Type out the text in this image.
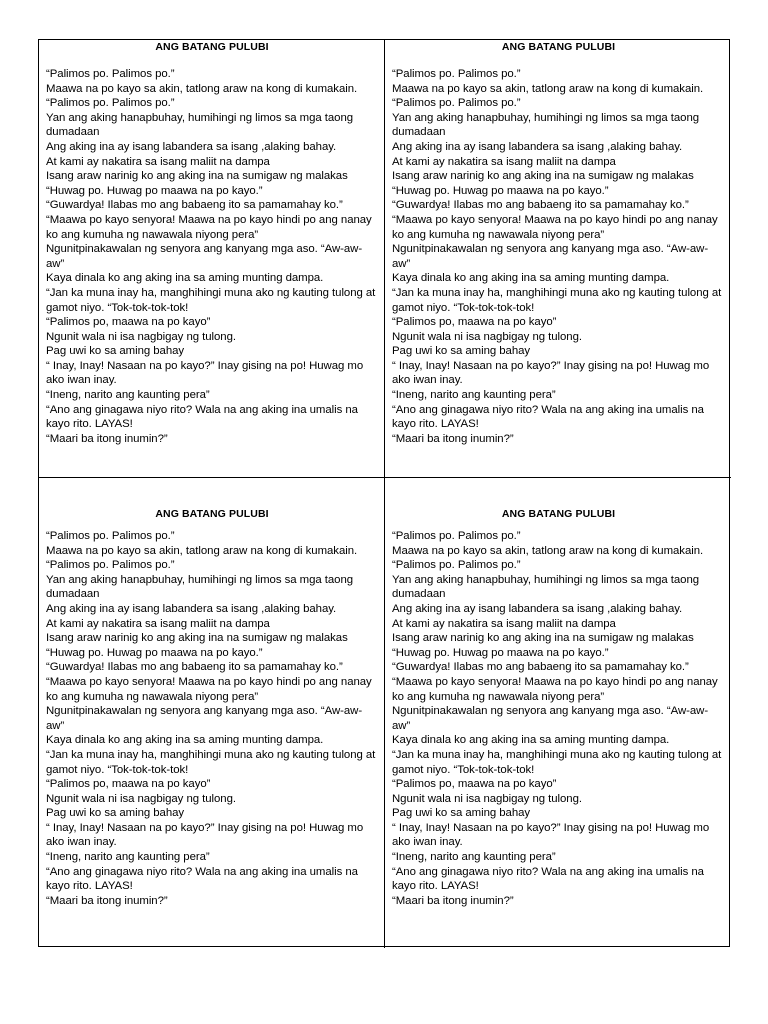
ANG BATANG PULUBI
“Palimos po. Palimos po.”
Maawa na po kayo sa akin, tatlong araw na kong di kumakain.
“Palimos po. Palimos po.”
Yan ang aking hanapbuhay, humihingi ng limos sa mga taong dumadaan
Ang aking ina ay isang labandera sa isang ,alaking bahay.
At kami ay nakatira sa isang maliit na dampa
Isang araw narinig ko ang aking ina na sumigaw ng malakas
“Huwag po. Huwag po maawa na po kayo.”
“Guwardya! Ilabas mo ang babaeng ito sa pamamahay ko.”
“Maawa po kayo senyora! Maawa na po kayo hindi po ang nanay ko ang kumuha ng nawawala niyong pera”
Ngunitpinakawalan ng senyora ang kanyang mga aso. “Aw-aw-aw”
Kaya dinala ko ang aking ina sa aming munting dampa.
“Jan ka muna inay ha, manghihingi muna ako ng kauting tulong at gamot niyo. “Tok-tok-tok-tok!
“Palimos po, maawa na po kayo”
Ngunit wala ni isa nagbigay ng tulong.
Pag uwi ko sa aming bahay
“ Inay, Inay! Nasaan na po kayo?” Inay gising na po! Huwag mo ako iwan inay.
“Ineng, narito ang kaunting pera”
“Ano ang ginagawa niyo rito? Wala na ang aking ina umalis na kayo rito. LAYAS!
“Maari ba itong inumin?”
ANG BATANG PULUBI
“Palimos po. Palimos po.”
Maawa na po kayo sa akin, tatlong araw na kong di kumakain.
“Palimos po. Palimos po.”
Yan ang aking hanapbuhay, humihingi ng limos sa mga taong dumadaan
Ang aking ina ay isang labandera sa isang ,alaking bahay.
At kami ay nakatira sa isang maliit na dampa
Isang araw narinig ko ang aking ina na sumigaw ng malakas
“Huwag po. Huwag po maawa na po kayo.”
“Guwardya! Ilabas mo ang babaeng ito sa pamamahay ko.”
“Maawa po kayo senyora! Maawa na po kayo hindi po ang nanay ko ang kumuha ng nawawala niyong pera”
Ngunitpinakawalan ng senyora ang kanyang mga aso. “Aw-aw-aw”
Kaya dinala ko ang aking ina sa aming munting dampa.
“Jan ka muna inay ha, manghihingi muna ako ng kauting tulong at gamot niyo. “Tok-tok-tok-tok!
“Palimos po, maawa na po kayo”
Ngunit wala ni isa nagbigay ng tulong.
Pag uwi ko sa aming bahay
“ Inay, Inay! Nasaan na po kayo?” Inay gising na po! Huwag mo ako iwan inay.
“Ineng, narito ang kaunting pera”
“Ano ang ginagawa niyo rito? Wala na ang aking ina umalis na kayo rito. LAYAS!
“Maari ba itong inumin?”
ANG BATANG PULUBI
“Palimos po. Palimos po.”
Maawa na po kayo sa akin, tatlong araw na kong di kumakain.
“Palimos po. Palimos po.”
Yan ang aking hanapbuhay, humihingi ng limos sa mga taong dumadaan
Ang aking ina ay isang labandera sa isang ,alaking bahay.
At kami ay nakatira sa isang maliit na dampa
Isang araw narinig ko ang aking ina na sumigaw ng malakas
“Huwag po. Huwag po maawa na po kayo.”
“Guwardya! Ilabas mo ang babaeng ito sa pamamahay ko.”
“Maawa po kayo senyora! Maawa na po kayo hindi po ang nanay ko ang kumuha ng nawawala niyong pera”
Ngunitpinakawalan ng senyora ang kanyang mga aso. “Aw-aw-aw”
Kaya dinala ko ang aking ina sa aming munting dampa.
“Jan ka muna inay ha, manghihingi muna ako ng kauting tulong at gamot niyo. “Tok-tok-tok-tok!
“Palimos po, maawa na po kayo”
Ngunit wala ni isa nagbigay ng tulong.
Pag uwi ko sa aming bahay
“ Inay, Inay! Nasaan na po kayo?” Inay gising na po! Huwag mo ako iwan inay.
“Ineng, narito ang kaunting pera”
“Ano ang ginagawa niyo rito? Wala na ang aking ina umalis na kayo rito. LAYAS!
“Maari ba itong inumin?”
ANG BATANG PULUBI
“Palimos po. Palimos po.”
Maawa na po kayo sa akin, tatlong araw na kong di kumakain.
“Palimos po. Palimos po.”
Yan ang aking hanapbuhay, humihingi ng limos sa mga taong dumadaan
Ang aking ina ay isang labandera sa isang ,alaking bahay.
At kami ay nakatira sa isang maliit na dampa
Isang araw narinig ko ang aking ina na sumigaw ng malakas
“Huwag po. Huwag po maawa na po kayo.”
“Guwardya! Ilabas mo ang babaeng ito sa pamamahay ko.”
“Maawa po kayo senyora! Maawa na po kayo hindi po ang nanay ko ang kumuha ng nawawala niyong pera”
Ngunitpinakawalan ng senyora ang kanyang mga aso. “Aw-aw-aw”
Kaya dinala ko ang aking ina sa aming munting dampa.
“Jan ka muna inay ha, manghihingi muna ako ng kauting tulong at gamot niyo. “Tok-tok-tok-tok!
“Palimos po, maawa na po kayo”
Ngunit wala ni isa nagbigay ng tulong.
Pag uwi ko sa aming bahay
“ Inay, Inay! Nasaan na po kayo?” Inay gising na po! Huwag mo ako iwan inay.
“Ineng, narito ang kaunting pera”
“Ano ang ginagawa niyo rito? Wala na ang aking ina umalis na kayo rito. LAYAS!
“Maari ba itong inumin?”
